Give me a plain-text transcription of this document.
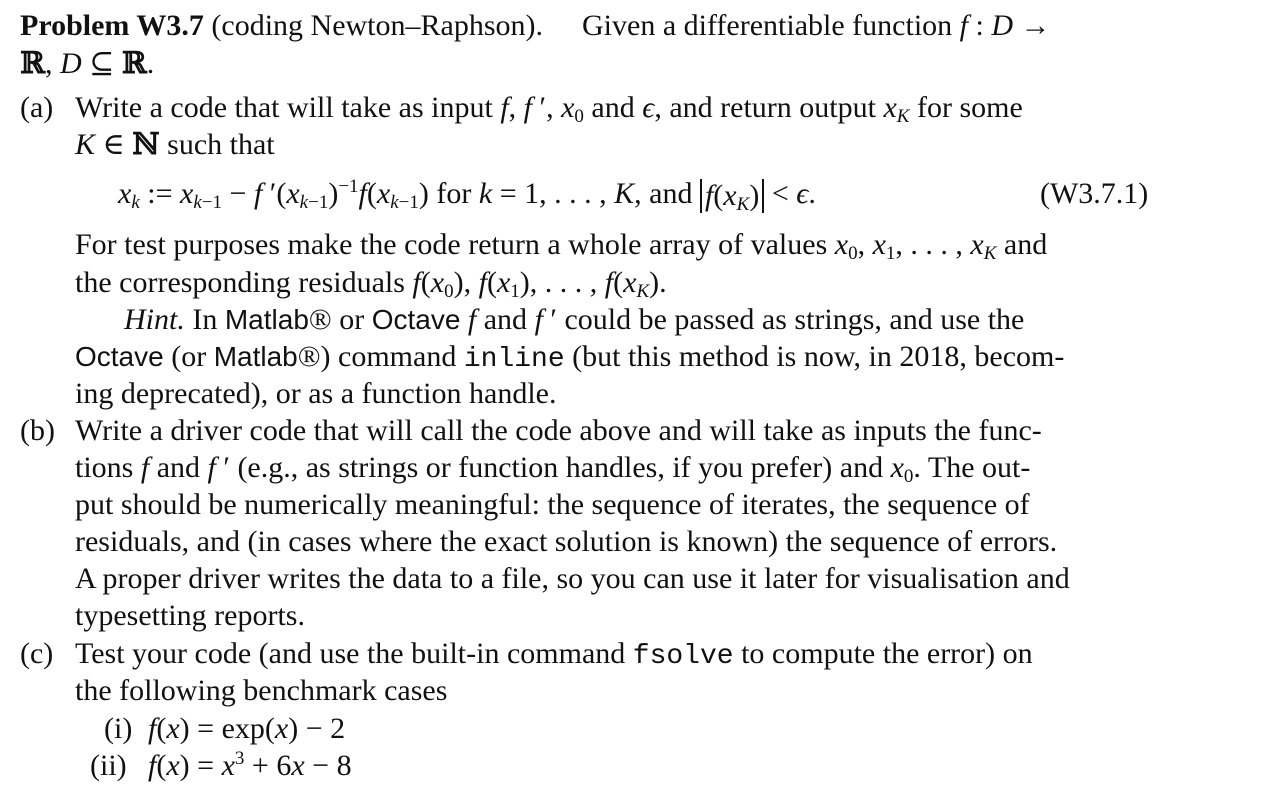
Problem W3.7 (coding Newton–Raphson). Given a differentiable function f : D →
ℝ, D ⊆ ℝ.
(a) Write a code that will take as input f, f ′, $x_0$ and ϵ, and return output $x_K$ for some
K ∈ ℕ such that
$x_k$ := $x_{k-1} - f$ $'(x_{k-1})^{-1}f(x_{k-1})$ for k = 1, . . . , K, and $f(x_K) < \epsilon$.	(W3.7.1)
For test purposes make the code return a whole array of values $x_0$, $x_1$, . . . , $x_K$ and
the corresponding residuals $f(x_0)$, $f(x_1)$, . . . , $f(x_K)$.
Hint. In Matlab® or Octave f and f ′ could be passed as strings, and use the
Octave (or Matlab®) command inline (but this method is now, in 2018, becom-
ing deprecated), or as a function handle.
(b) Write a driver code that will call the code above and will take as inputs the func-
tions f and f ′ (e.g., as strings or function handles, if you prefer) and $x_0$. The out-
put should be numerically meaningful: the sequence of iterates, the sequence of
residuals, and (in cases where the exact solution is known) the sequence of errors.
A proper driver writes the data to a file, so you can use it later for visualisation and
typesetting reports.
(c) Test your code (and use the built-in command fsolve to compute the error) on
the following benchmark cases
(i) f(x) = exp(x) − 2
(ii) $f(x) = x^3 + 6x - 8$
